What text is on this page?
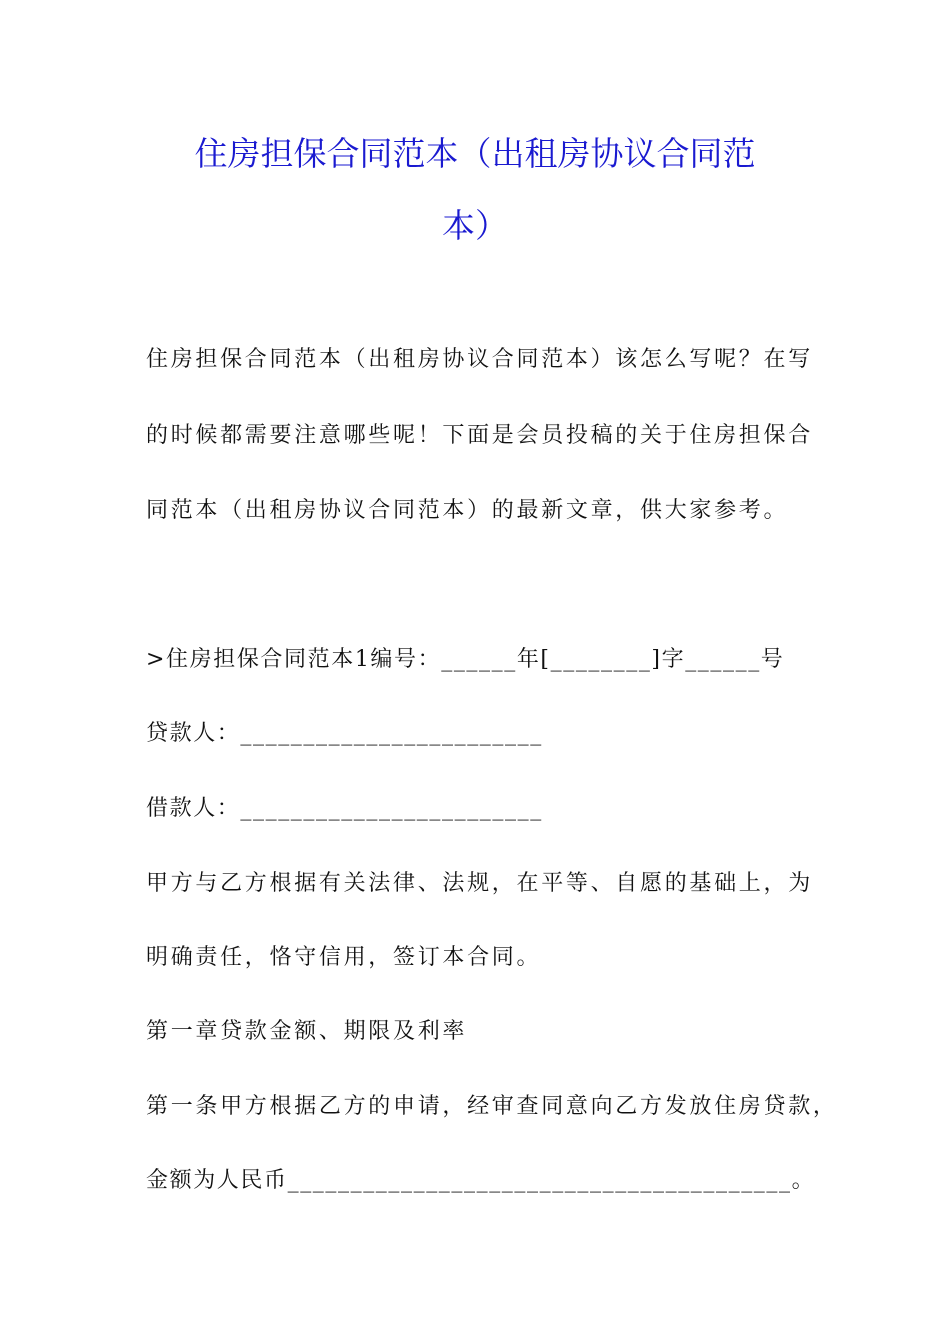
住房担保合同范本（出租房协议合同范
本）
住房担保合同范本（出租房协议合同范本）该怎么写呢？在写
的时候都需要注意哪些呢！下面是会员投稿的关于住房担保合
同范本（出租房协议合同范本）的最新文章，供大家参考。
>住房担保合同范本1编号：______年[________]字______号
贷款人：________________________
借款人：________________________
甲方与乙方根据有关法律、法规，在平等、自愿的基础上，为
明确责任，恪守信用，签订本合同。
第一章贷款金额、期限及利率
第一条甲方根据乙方的申请，经审查同意向乙方发放住房贷款，
金额为人民币________________________________________。
